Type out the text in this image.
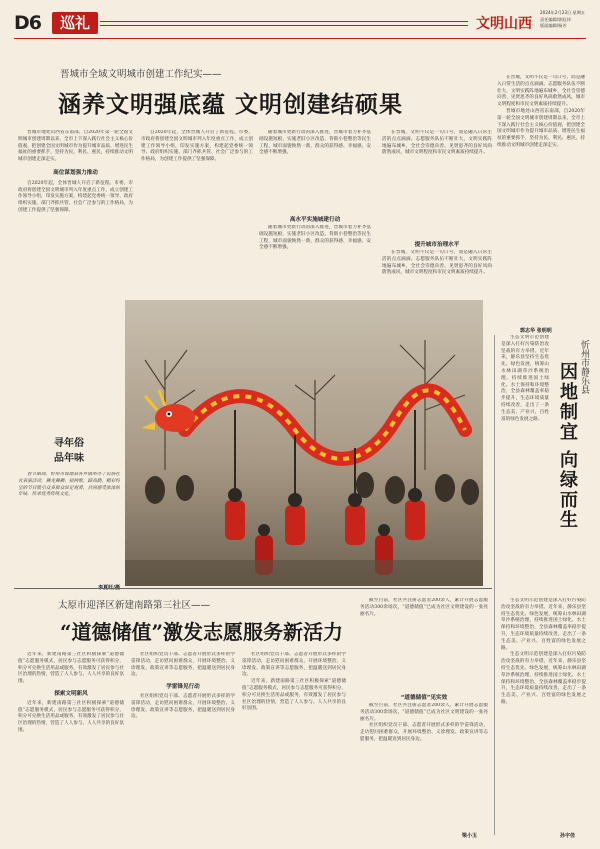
D6	巡礼	文明山西
2024年2月23日 星期五
责任编辑/郭虹邦
版面编辑/杨芳
晋城市全域文明城市创建工作纪实——
涵养文明强底蕴 文明创建结硕果

晋城市地处山西省东南部，自2020年第一轮全国文明城市创建周期以来，全市上下深入践行社会主义核心价值观，把创建全国文明城市作为提升城市品质、增进民生福祉的重要抓手，坚持为民、利民、惠民，持续推动文明城市创建走深走实。

高位谋划强力推动

自2020年起，全体晋城人开启了新征程。市委、市政府将创建全国文明城市列入年度重点工作，成立创建工作领导小组，印发实施方案，构建起党委统一领导、政府组织实施、部门齐抓共管、社会广泛参与的工作格局，为创建工作提供了坚强保障。

自2020年起，全体晋城人开启了新征程。市委、市政府将创建全国文明城市列入年度重点工作，成立创建工作领导小组，印发实施方案，构建起党委统一领导、政府组织实施、部门齐抓共管、社会广泛参与的工作格局，为创建工作提供了坚强保障。

随着城市更新行动的深入推进，晋城市着力补齐基础设施短板，实施老旧小区改造、背街小巷整治等民生工程，城市面貌焕然一新，群众的获得感、幸福感、安全感不断增强。

高水平实施城建行动

随着城市更新行动的深入推进，晋城市着力补齐基础设施短板，实施老旧小区改造、背街小巷整治等民生工程，城市面貌焕然一新，群众的获得感、幸福感、安全感不断增强。

在晋城，文明不仅是一句口号，而是融入日常生活的点点滴滴。志愿服务队伍不断壮大，文明实践阵地遍布城乡，全社会崇德向善、见贤思齐的良好风尚蔚然成风，城市文明程度和市民文明素质持续提升。

提升城市治理水平

在晋城，文明不仅是一句口号，而是融入日常生活的点点滴滴。志愿服务队伍不断壮大，文明实践阵地遍布城乡，全社会崇德向善、见贤思齐的良好风尚蔚然成风，城市文明程度和市民文明素质持续提升。

在晋城，文明不仅是一句口号，而是融入日常生活的点点滴滴。志愿服务队伍不断壮大，文明实践阵地遍布城乡，全社会崇德向善、见贤思齐的良好风尚蔚然成风，城市文明程度和市民文明素质持续提升。

晋城市地处山西省东南部，自2020年第一轮全国文明城市创建周期以来，全市上下深入践行社会主义核心价值观，把创建全国文明城市作为提升城市品质、增进民生福祉的重要抓手，坚持为民、利民、惠民，持续推动文明城市创建走深走实。

郭志华 张明明
寻年俗
品年味
春节期间，忻州市保德县各乡镇举办了民俗社火表演活动，舞龙舞狮、扭秧歌、踩高跷，精彩纷呈的节目吸引众多群众驻足观看，共同感受浓浓的年味，传承优秀传统文化。

生态文明示范创建是深入打好污染防治攻坚战的有力举措。近年来，静乐县坚持生态优先、绿色发展，统筹山水林田湖草沙系统治理，持续推进国土绿化、水土保持和环境整治，全县森林覆盖率稳步提升，生态环境质量持续改善，走出了一条生态美、产业兴、百姓富的绿色发展之路。

忻州市静乐县
因地制宜 向绿而生

生态文明示范创建是深入打好污染防治攻坚战的有力举措。近年来，静乐县坚持生态优先、绿色发展，统筹山水林田湖草沙系统治理，持续推进国土绿化、水土保持和环境整治，全县森林覆盖率稳步提升，生态环境质量持续改善，走出了一条生态美、产业兴、百姓富的绿色发展之路。

生态文明示范创建是深入打好污染防治攻坚战的有力举措。近年来，静乐县坚持生态优先、绿色发展，统筹山水林田湖草沙系统治理，持续推进国土绿化、水土保持和环境整治，全县森林覆盖率稳步提升，生态环境质量持续改善，走出了一条生态美、产业兴、百姓富的绿色发展之路。

孙宇佳
太原市迎泽区新建南路第三社区——
“道德储值”激发志愿服务新活力

近年来，新建南路第三社区积极探索“道德储值”志愿服务模式，居民参与志愿服务可获得积分，积分可兑换生活用品或服务，有效激发了居民参与社区治理的热情，营造了人人参与、人人共享的良好氛围。

探索文明新风

近年来，新建南路第三社区积极探索“道德储值”志愿服务模式，居民参与志愿服务可获得积分，积分可兑换生活用品或服务，有效激发了居民参与社区治理的热情，营造了人人参与、人人共享的良好氛围。

社区组织党员干部、志愿者开展形式多样的学雷锋活动，走访慰问困难群众，开展环境整治、义诊理发、政策宣讲等志愿服务，把温暖送到居民身边。

学雷锋见行动

社区组织党员干部、志愿者开展形式多样的学雷锋活动，走访慰问困难群众，开展环境整治、义诊理发、政策宣讲等志愿服务，把温暖送到居民身边。

社区组织党员干部、志愿者开展形式多样的学雷锋活动，走访慰问困难群众，开展环境整治、义诊理发、政策宣讲等志愿服务，把温暖送到居民身边。

近年来，新建南路第三社区积极探索“道德储值”志愿服务模式，居民参与志愿服务可获得积分，积分可兑换生活用品或服务，有效激发了居民参与社区治理的热情，营造了人人参与、人人共享的良好氛围。

截至目前，社区共注册志愿者200余人，累计开展志愿服务活动300余场次，“道德储值”已成为社区文明建设的一张亮丽名片。

“道德储值”见实效

截至目前，社区共注册志愿者200余人，累计开展志愿服务活动300余场次，“道德储值”已成为社区文明建设的一张亮丽名片。

社区组织党员干部、志愿者开展形式多样的学雷锋活动，走访慰问困难群众，开展环境整治、义诊理发、政策宣讲等志愿服务，把温暖送到居民身边。

梁小玉
